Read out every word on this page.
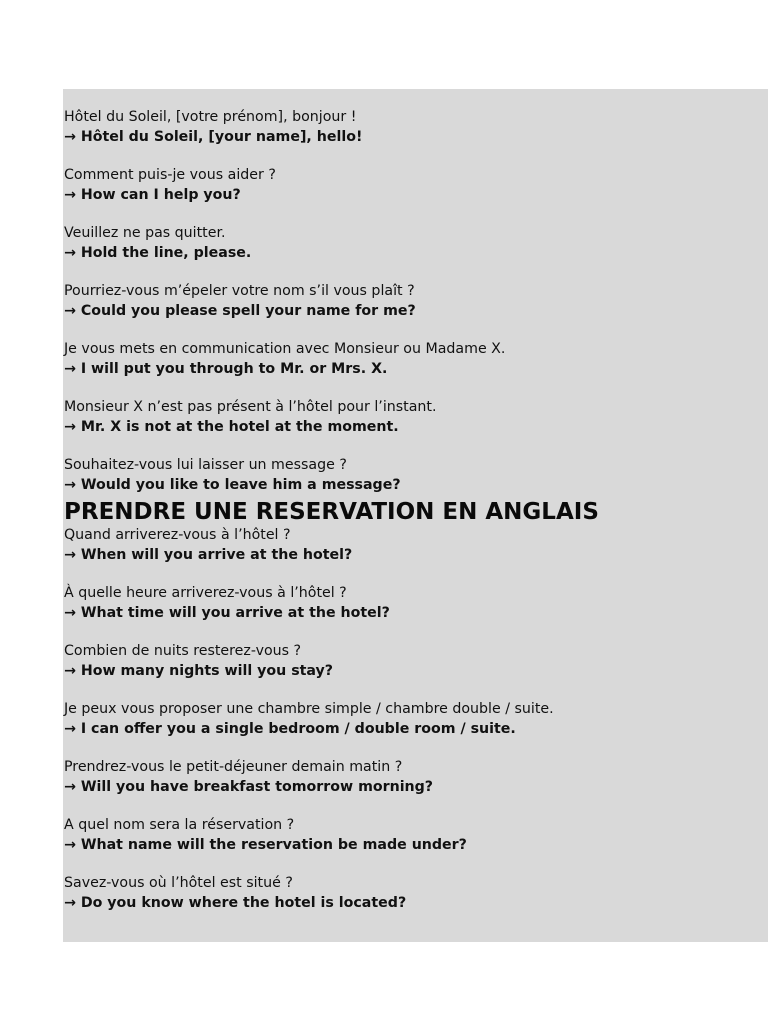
Hôtel du Soleil, [votre prénom], bonjour !

→ Hôtel du Soleil, [your name], hello!

Comment puis-je vous aider ?

→ How can I help you?

Veuillez ne pas quitter.

→ Hold the line, please.

Pourriez-vous m’épeler votre nom s’il vous plaît ?

→ Could you please spell your name for me?

Je vous mets en communication avec Monsieur ou Madame X.

→ I will put you through to Mr. or Mrs. X.

Monsieur X n’est pas présent à l’hôtel pour l’instant.

→ Mr. X is not at the hotel at the moment.

Souhaitez-vous lui laisser un message ?

→ Would you like to leave him a message?

PRENDRE UNE RESERVATION EN ANGLAIS

Quand arriverez-vous à l’hôtel ?

→ When will you arrive at the hotel?

À quelle heure arriverez-vous à l’hôtel ?

→ What time will you arrive at the hotel?

Combien de nuits resterez-vous ?

→ How many nights will you stay?

Je peux vous proposer une chambre simple / chambre double / suite.

→ I can offer you a single bedroom / double room / suite.

Prendrez-vous le petit-déjeuner demain matin ?

→ Will you have breakfast tomorrow morning?

A quel nom sera la réservation ?

→ What name will the reservation be made under?

Savez-vous où l’hôtel est situé ?

→ Do you know where the hotel is located?
